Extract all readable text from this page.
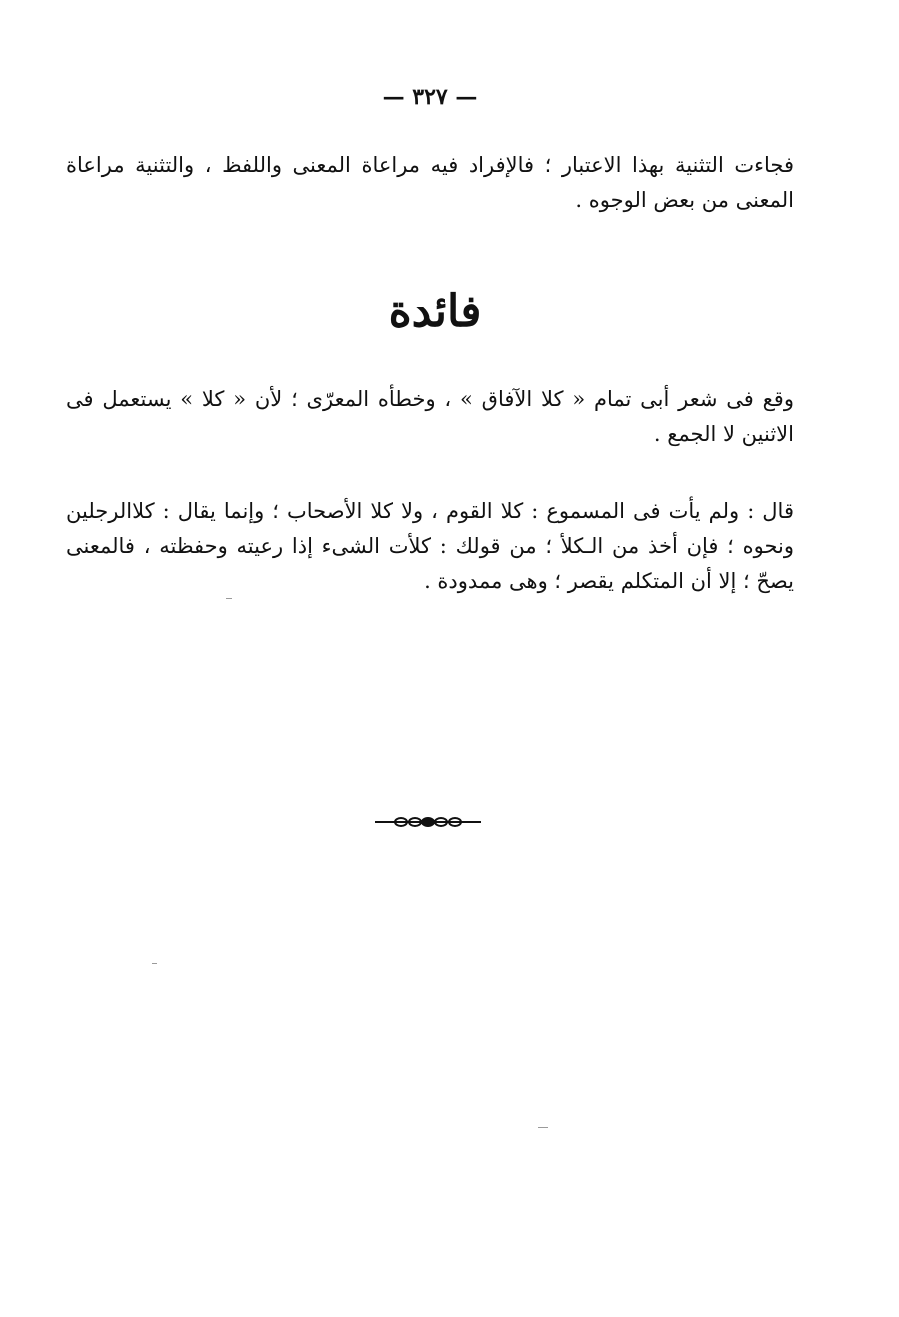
— ٣٢٧ —

فجاءت التثنية بهذا الاعتبار ؛ فالإفراد فيه مراعاة المعنى واللفظ ، والتثنية مراعاة المعنى من بعض الوجوه .

فائدة

وقع فى شعر أبى تمام « كلا الآفاق » ، وخطأه المعرّى ؛ لأن « كلا » يستعمل فى الاثنين لا الجمع .

قال : ولم يأت فى المسموع : كلا القوم ، ولا كلا الأصحاب ؛ وإنما يقال : كلاالرجلين ونحوه ؛ فإن أخذ من الـكلأ ؛ من قولك : كلأت الشىء إذا رعيته وحفظته ، فالمعنى يصحّ ؛ إلا أن المتكلم يقصر ؛ وهى ممدودة .
